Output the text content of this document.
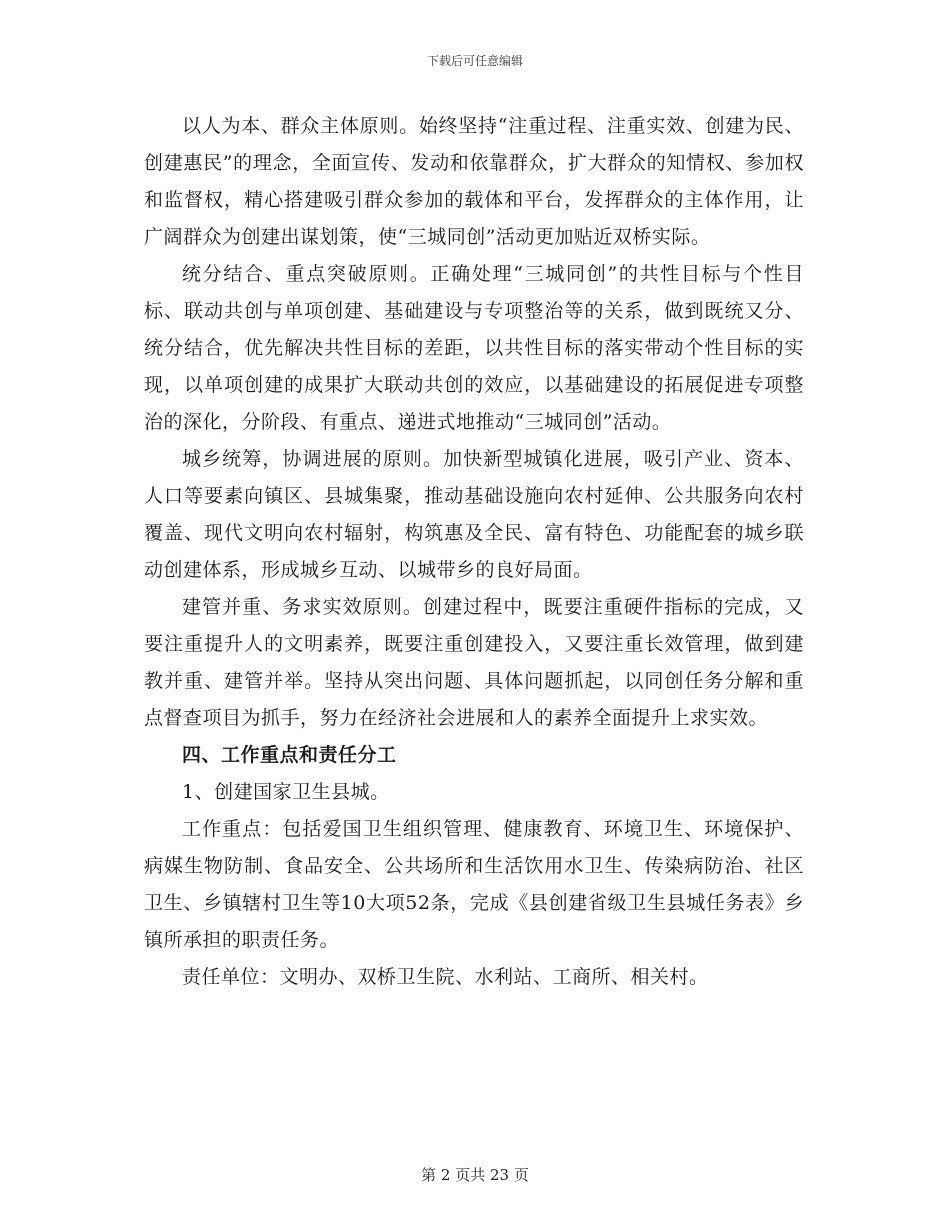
下载后可任意编辑

以人为本、群众主体原则。始终坚持“注重过程、注重实效、创建为民、创建惠民”的理念，全面宣传、发动和依靠群众，扩大群众的知情权、参加权和监督权，精心搭建吸引群众参加的载体和平台，发挥群众的主体作用，让广阔群众为创建出谋划策，使“三城同创”活动更加贴近双桥实际。

统分结合、重点突破原则。正确处理“三城同创”的共性目标与个性目标、联动共创与单项创建、基础建设与专项整治等的关系，做到既统又分、统分结合，优先解决共性目标的差距，以共性目标的落实带动个性目标的实现，以单项创建的成果扩大联动共创的效应，以基础建设的拓展促进专项整治的深化，分阶段、有重点、递进式地推动“三城同创”活动。

城乡统筹，协调进展的原则。加快新型城镇化进展，吸引产业、资本、人口等要素向镇区、县城集聚，推动基础设施向农村延伸、公共服务向农村覆盖、现代文明向农村辐射，构筑惠及全民、富有特色、功能配套的城乡联动创建体系，形成城乡互动、以城带乡的良好局面。

建管并重、务求实效原则。创建过程中，既要注重硬件指标的完成，又要注重提升人的文明素养，既要注重创建投入，又要注重长效管理，做到建教并重、建管并举。坚持从突出问题、具体问题抓起，以同创任务分解和重点督查项目为抓手，努力在经济社会进展和人的素养全面提升上求实效。

四、工作重点和责任分工

1、创建国家卫生县城。

工作重点：包括爱国卫生组织管理、健康教育、环境卫生、环境保护、病媒生物防制、食品安全、公共场所和生活饮用水卫生、传染病防治、社区卫生、乡镇辖村卫生等10大项52条，完成《县创建省级卫生县城任务表》乡镇所承担的职责任务。

责任单位：文明办、双桥卫生院、水利站、工商所、相关村。

第 2 页共 23 页
